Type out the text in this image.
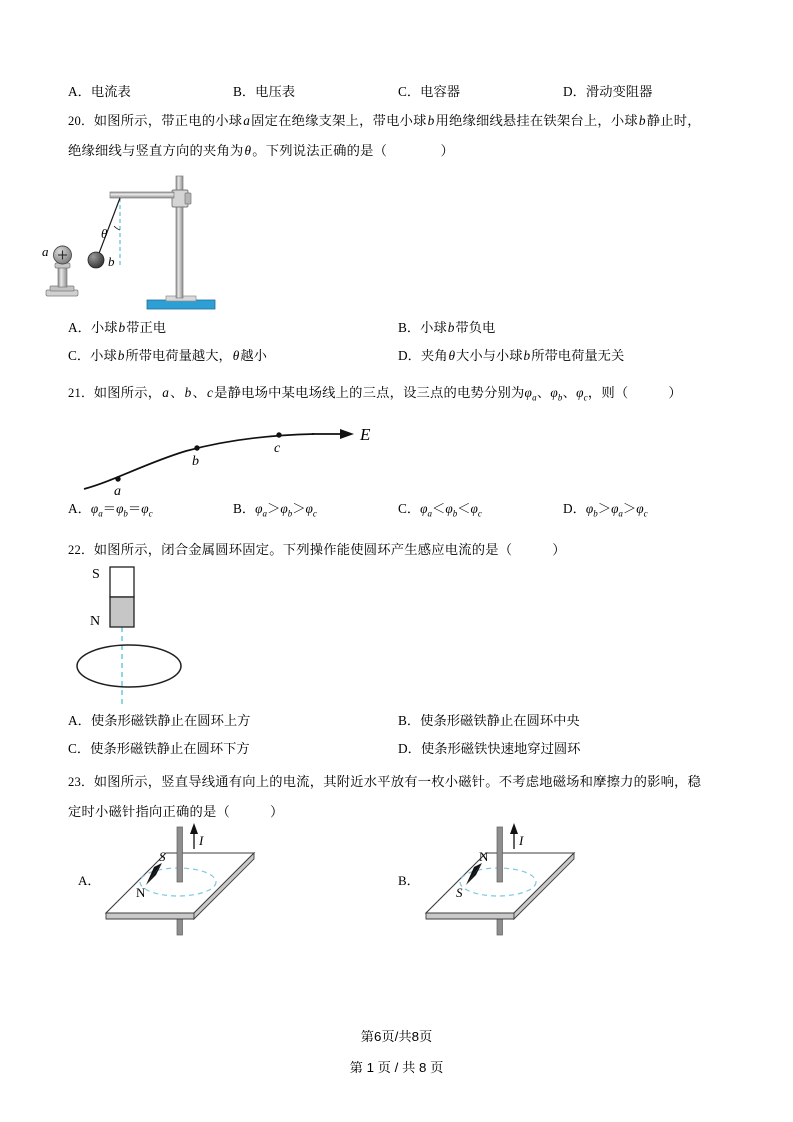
A．电流表	B．电压表	C．电容器	D．滑动变阻器
20．如图所示，带正电的小球a固定在绝缘支架上，带电小球b用绝缘细线悬挂在铁架台上，小球b静止时，
绝缘细线与竖直方向的夹角为θ。下列说法正确的是（	）
θ
b
a
A．小球b带正电	B．小球b带负电
C．小球b所带电荷量越大，θ越小	D．夹角θ大小与小球b所带电荷量无关
21．如图所示，a、b、c是静电场中某电场线上的三点，设三点的电势分别为$\varphi_a$、$\varphi_b$、$\varphi_c$，则（	）
a
b
c
E
A．$\varphi_a=\varphi_b=\varphi_c$	B．$\varphi_a>\varphi_b>\varphi_c$	C．$\varphi_a<\varphi_b<\varphi_c$	D．$\varphi_b>\varphi_a>\varphi_c$
22．如图所示，闭合金属圆环固定。下列操作能使圆环产生感应电流的是（	）
S
N
A．使条形磁铁静止在圆环上方	B．使条形磁铁静止在圆环中央
C．使条形磁铁静止在圆环下方	D．使条形磁铁快速地穿过圆环
23．如图所示，竖直导线通有向上的电流，其附近水平放有一枚小磁针。不考虑地磁场和摩擦力的影响，稳
定时小磁针指向正确的是（	）
A．
I
S
N
B．
I
N
S
第6页/共8页
第 1 页 / 共 8 页
